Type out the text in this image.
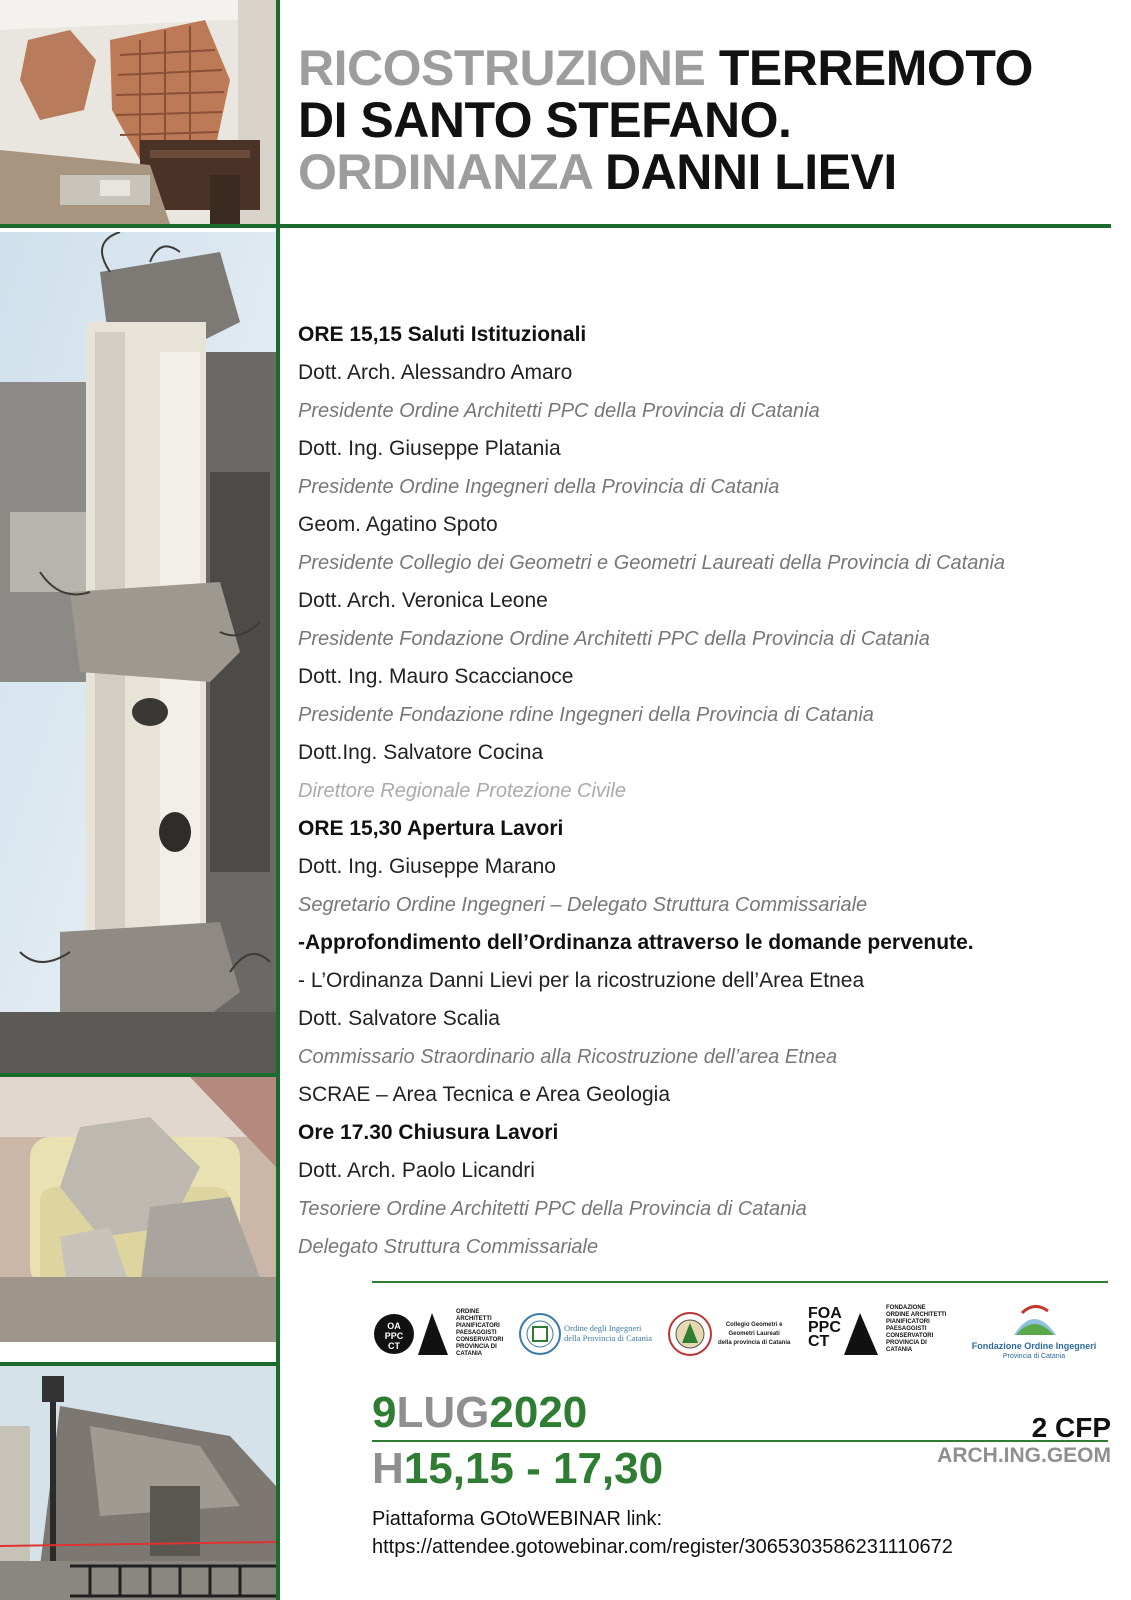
RICOSTRUZIONE TERREMOTO
DI SANTO STEFANO.
ORDINANZA DANNI LIEVI
ORE 15,15 Saluti Istituzionali
Dott. Arch. Alessandro Amaro
Presidente Ordine Architetti PPC della Provincia di Catania
Dott. Ing. Giuseppe Platania
Presidente Ordine Ingegneri della Provincia di Catania
Geom. Agatino Spoto
Presidente Collegio dei Geometri e Geometri Laureati della Provincia di Catania
Dott. Arch. Veronica Leone
Presidente Fondazione Ordine Architetti PPC della Provincia di Catania
Dott. Ing. Mauro Scaccianoce
Presidente Fondazione rdine Ingegneri della Provincia di Catania
Dott.Ing. Salvatore Cocina
Direttore Regionale Protezione Civile
ORE 15,30 Apertura Lavori
Dott. Ing. Giuseppe Marano
Segretario Ordine Ingegneri – Delegato Struttura Commissariale
-Approfondimento dell’Ordinanza attraverso le domande pervenute.
- L’Ordinanza Danni Lievi per la ricostruzione dell’Area Etnea
Dott. Salvatore Scalia
Commissario Straordinario alla Ricostruzione dell’area Etnea
SCRAE – Area Tecnica e Area Geologia
Ore 17.30 Chiusura Lavori
Dott. Arch. Paolo Licandri
Tesoriere Ordine Architetti PPC della Provincia di Catania
Delegato Struttura Commissariale
OA
PPC
CT
ORDINE
ARCHITETTI
PIANIFICATORI
PAESAGGISTI
CONSERVATORI
PROVINCIA DI
CATANIA
Ordine degli Ingegneri
della Provincia di Catania
Collegio Geometri e
Geometri Laureati
della provincia di Catania
FOA
PPC
CT
FONDAZIONE
ORDINE ARCHITETTI
PIANIFICATORI
PAESAGGISTI
CONSERVATORI
PROVINCIA DI
CATANIA	Fondazione Ordine Ingegneri
Provincia di Catania
9LUG2020
H15,15 - 17,30
2 CFP
ARCH.ING.GEOM
Piattaforma GOtoWEBINAR link:
https://attendee.gotowebinar.com/register/3065303586231110672
